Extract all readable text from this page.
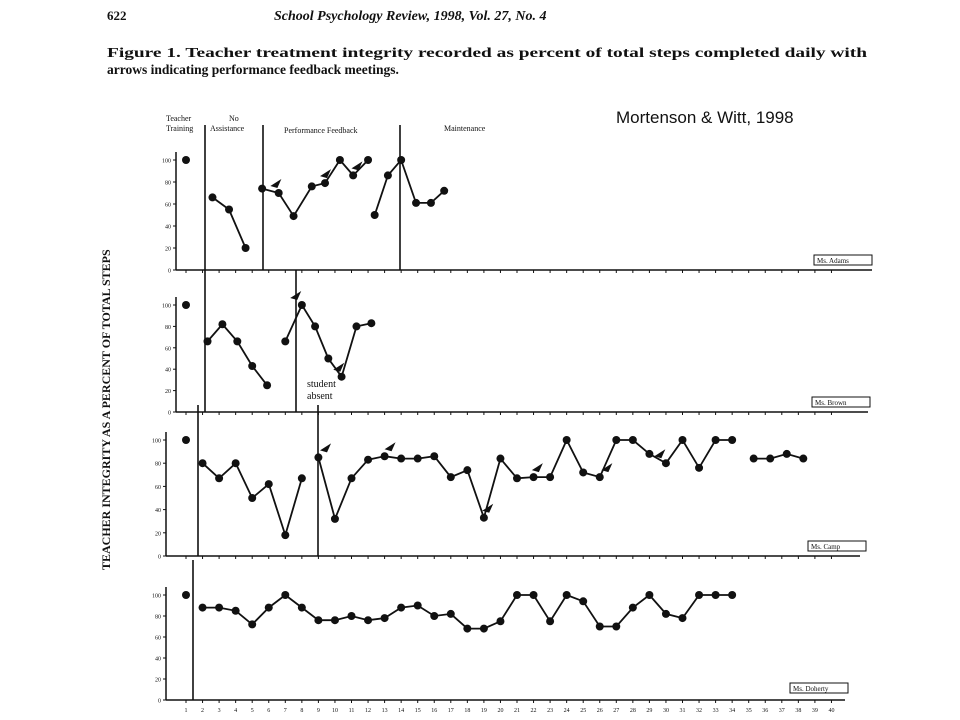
622	School Psychology Review, 1998, Vol. 27, No. 4
Figure 1. Teacher treatment integrity recorded as percent of total steps completed daily with
arrows indicating performance feedback meetings.
Mortenson & Witt, 1998
TEACHER INTEGRITY AS A PERCENT OF TOTAL STEPS
Teacher
Training
No
Assistance	Performance Feedback	Maintenance
student
absent
0
20
40
60
80
100
Ms. Adams
0
20
40
60
80
100
Ms. Brown
0
20
40
60
80
100
Ms. Camp
0
20
40
60
80
100
1 2 3 4 5 6 7 8 9 10 11 12 13 14 15 16 17 18 19 20 21 22 23 24 25 26 27 28 29 30 31 32 33 34 35 36 37 38 39 40
Ms. Doherty
